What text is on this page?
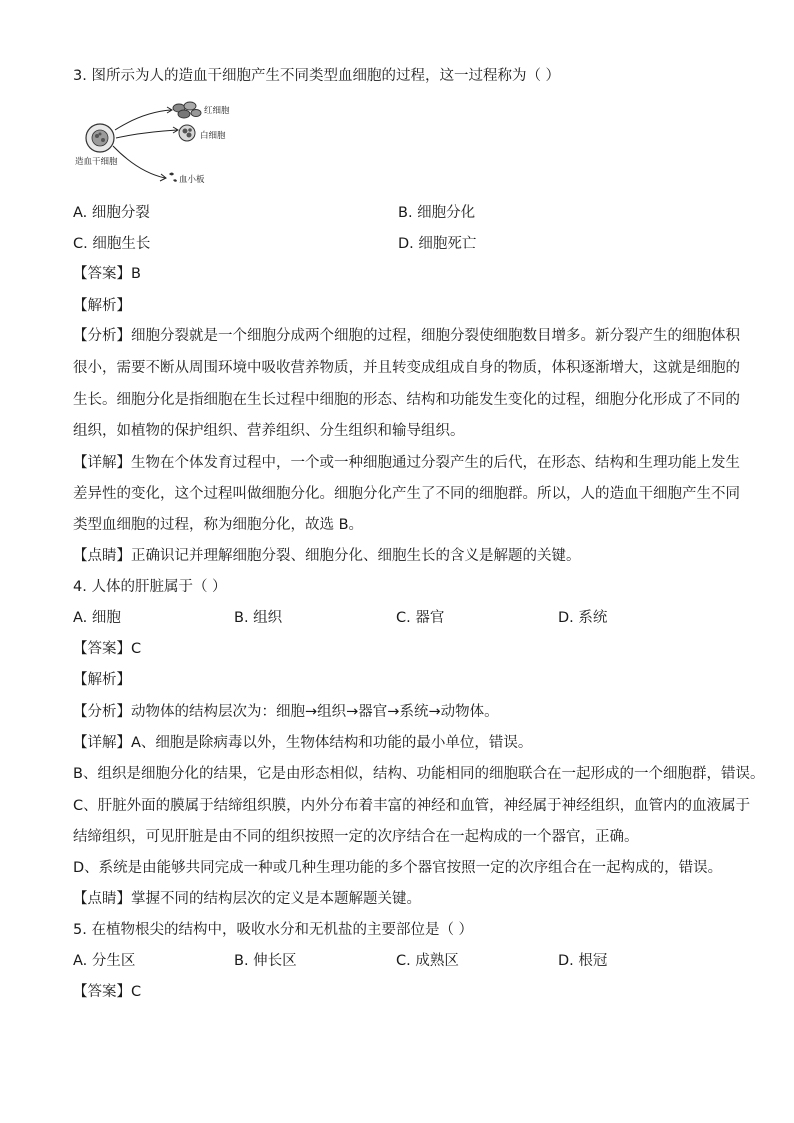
3. 图所示为人的造血干细胞产生不同类型血细胞的过程，这一过程称为（ ）
红细胞
白细胞
血小板
造血干细胞
A. 细胞分裂	B. 细胞分化
C. 细胞生长	D. 细胞死亡
【答案】B
【解析】
【分析】细胞分裂就是一个细胞分成两个细胞的过程，细胞分裂使细胞数目增多。新分裂产生的细胞体积
很小，需要不断从周围环境中吸收营养物质，并且转变成组成自身的物质，体积逐渐增大，这就是细胞的
生长。细胞分化是指细胞在生长过程中细胞的形态、结构和功能发生变化的过程，细胞分化形成了不同的
组织，如植物的保护组织、营养组织、分生组织和输导组织。
【详解】生物在个体发育过程中，一个或一种细胞通过分裂产生的后代，在形态、结构和生理功能上发生
差异性的变化，这个过程叫做细胞分化。细胞分化产生了不同的细胞群。所以，人的造血干细胞产生不同
类型血细胞的过程，称为细胞分化，故选 B。
【点睛】正确识记并理解细胞分裂、细胞分化、细胞生长的含义是解题的关键。
4. 人体的肝脏属于（ ）
A. 细胞	B. 组织	C. 器官	D. 系统
【答案】C
【解析】
【分析】动物体的结构层次为：细胞→组织→器官→系统→动物体。
【详解】A、细胞是除病毒以外，生物体结构和功能的最小单位，错误。
B、组织是细胞分化的结果，它是由形态相似，结构、功能相同的细胞联合在一起形成的一个细胞群，错误。
C、肝脏外面的膜属于结缔组织膜，内外分布着丰富的神经和血管，神经属于神经组织，血管内的血液属于
结缔组织，可见肝脏是由不同的组织按照一定的次序结合在一起构成的一个器官，正确。
D、系统是由能够共同完成一种或几种生理功能的多个器官按照一定的次序组合在一起构成的，错误。
【点睛】掌握不同的结构层次的定义是本题解题关键。
5. 在植物根尖的结构中，吸收水分和无机盐的主要部位是（ ）
A. 分生区	B. 伸长区	C. 成熟区	D. 根冠
【答案】C
